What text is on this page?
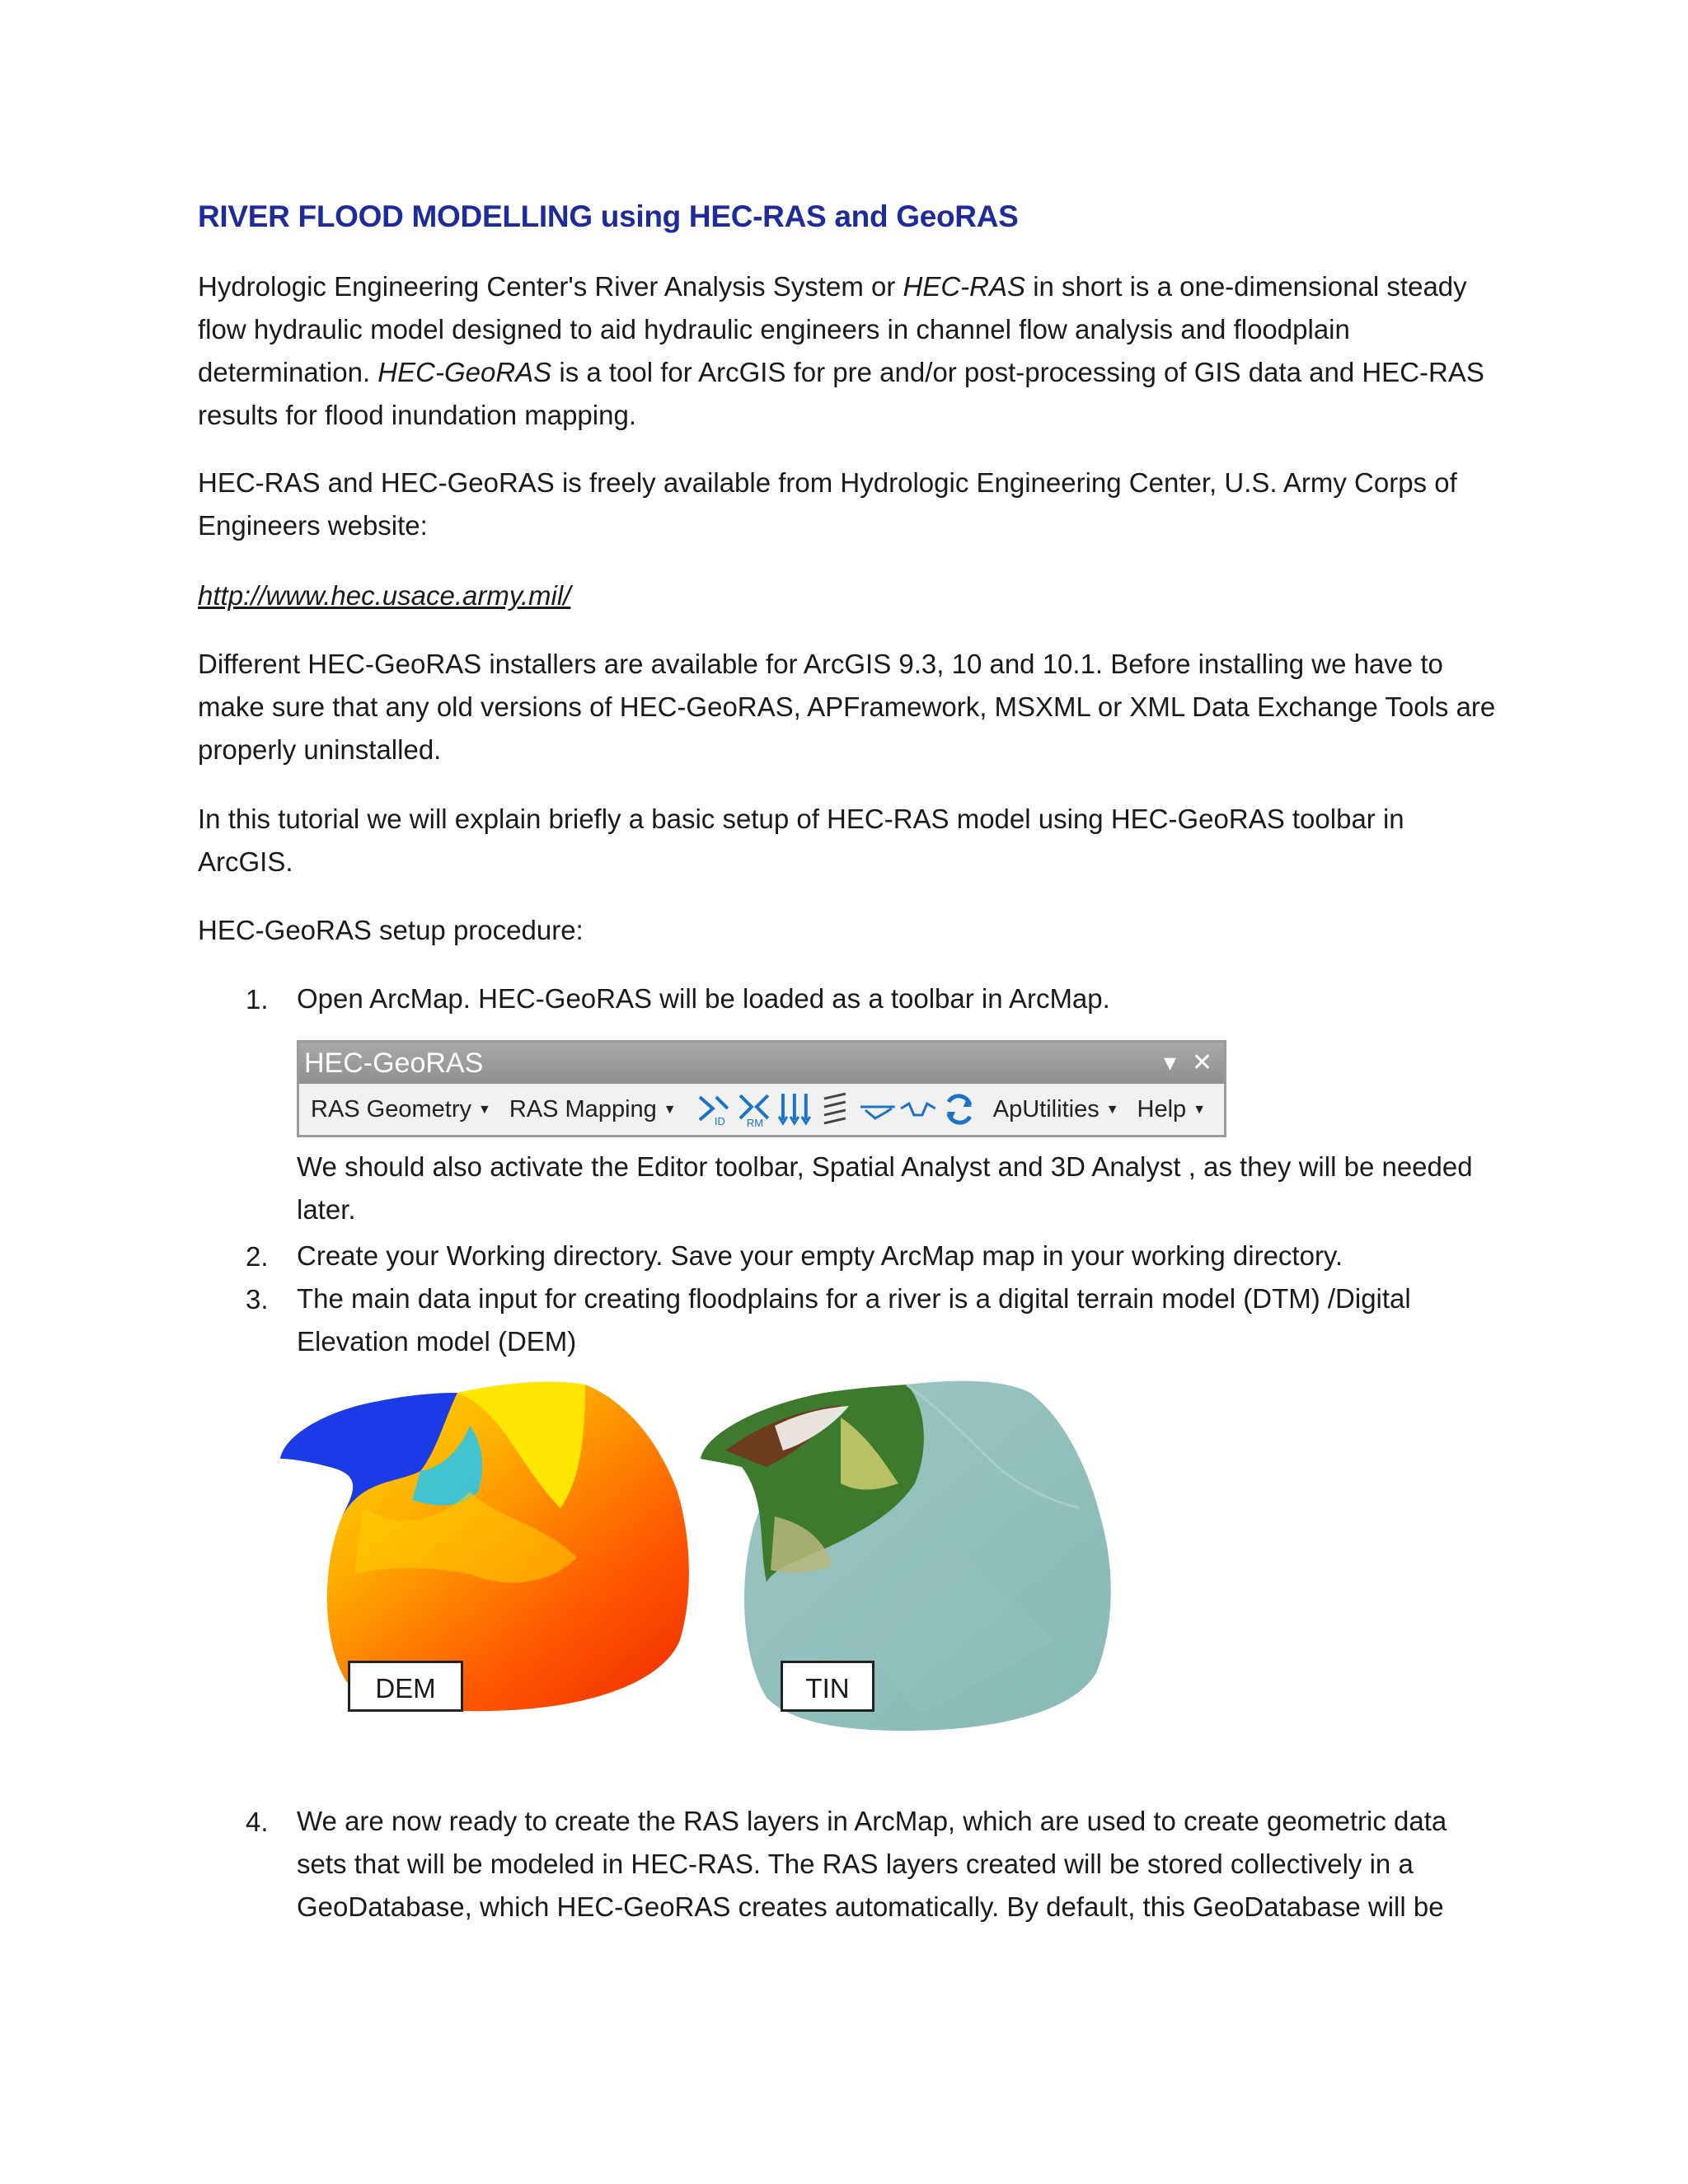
RIVER FLOOD MODELLING using HEC-RAS and GeoRAS

Hydrologic Engineering Center's River Analysis System or HEC-RAS in short is a one-dimensional steady flow hydraulic model designed to aid hydraulic engineers in channel flow analysis and floodplain determination. HEC-GeoRAS is a tool for ArcGIS for pre and/or post-processing of GIS data and HEC-RAS results for flood inundation mapping.

HEC-RAS and HEC-GeoRAS is freely available from Hydrologic Engineering Center, U.S. Army Corps of Engineers website:

http://www.hec.usace.army.mil/

Different HEC-GeoRAS installers are available for ArcGIS 9.3, 10 and 10.1. Before installing we have to make sure that any old versions of HEC-GeoRAS, APFramework, MSXML or XML Data Exchange Tools are properly uninstalled.

In this tutorial we will explain briefly a basic setup of HEC-RAS model using HEC-GeoRAS toolbar in ArcGIS.

HEC-GeoRAS setup procedure:

1. Open ArcMap. HEC-GeoRAS will be loaded as a toolbar in ArcMap.

HEC-GeoRAS	▾ ✕
RAS Geometry ▼ RAS Mapping ▼
ID RM
ApUtilities ▼ Help ▼

We should also activate the Editor toolbar, Spatial Analyst and 3D Analyst , as they will be needed later.

2. Create your Working directory. Save your empty ArcMap map in your working directory.

3. The main data input for creating floodplains for a river is a digital terrain model (DTM) /Digital Elevation model (DEM)

4. We are now ready to create the RAS layers in ArcMap, which are used to create geometric data sets that will be modeled in HEC-RAS. The RAS layers created will be stored collectively in a GeoDatabase, which HEC-GeoRAS creates automatically. By default, this GeoDatabase will be

DEM	TIN
